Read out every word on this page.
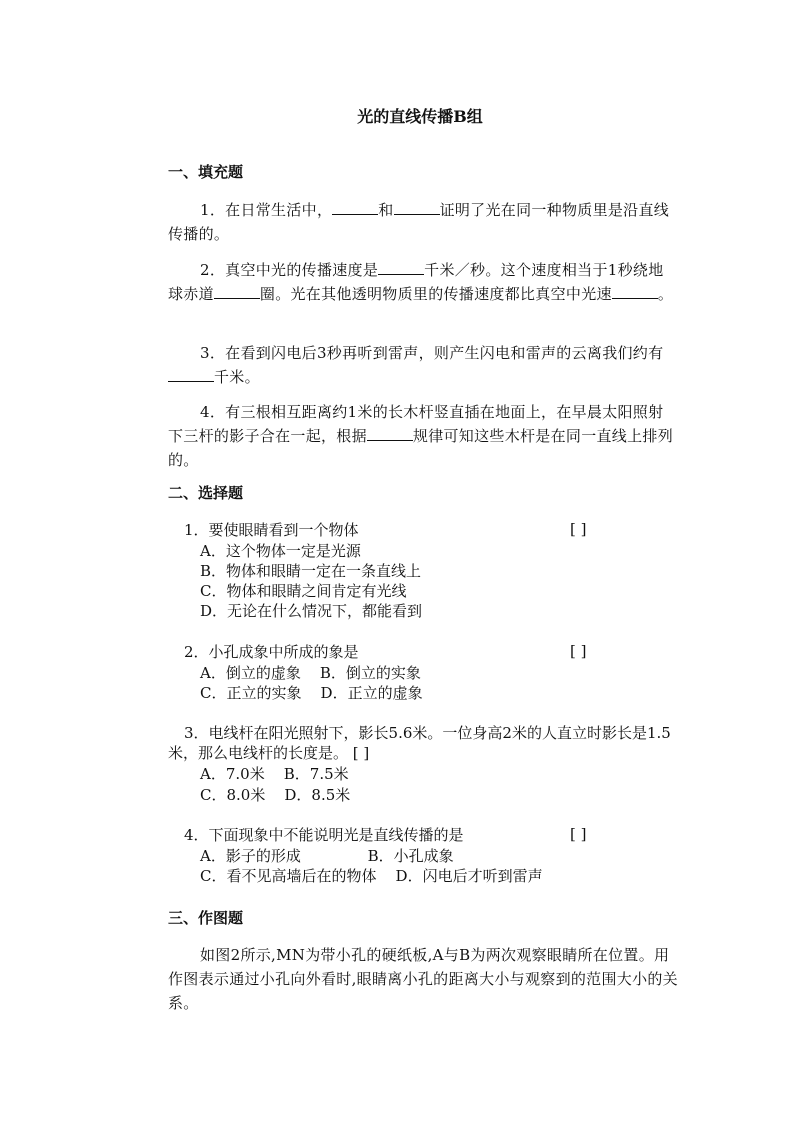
光的直线传播B组
一、填充题
1．在日常生活中，	和	证明了光在同一种物质里是沿直线传播的。
2．真空中光的传播速度是	千米／秒。这个速度相当于1秒绕地球赤道	圈。光在其他透明物质里的传播速度都比真空中光速	。
3．在看到闪电后3秒再听到雷声，则产生闪电和雷声的云离我们约有千米。
4．有三根相互距离约1米的长木杆竖直插在地面上，在早晨太阳照射下三杆的影子合在一起，根据	规律可知这些木杆是在同一直线上排列的。
二、选择题
1．要使眼睛看到一个物体	[ ]
A．这个物体一定是光源
B．物体和眼睛一定在一条直线上
C．物体和眼睛之间肯定有光线
D．无论在什么情况下，都能看到
2．小孔成象中所成的象是	[ ]
A．倒立的虚象    B．倒立的实象
C．正立的实象    D．正立的虚象
3．电线杆在阳光照射下，影长5.6米。一位身高2米的人直立时影长是1.5米，那么电线杆的长度是。 [ ]
A．7.0米    B．7.5米
C．8.0米    D．8.5米
4．下面现象中不能说明光是直线传播的是	[ ]
A．影子的形成              B．小孔成象
C．看不见高墙后在的物体    D．闪电后才听到雷声
三、作图题
如图2所示,MN为带小孔的硬纸板,A与B为两次观察眼睛所在位置。用作图表示通过小孔向外看时,眼睛离小孔的距离大小与观察到的范围大小的关系。
